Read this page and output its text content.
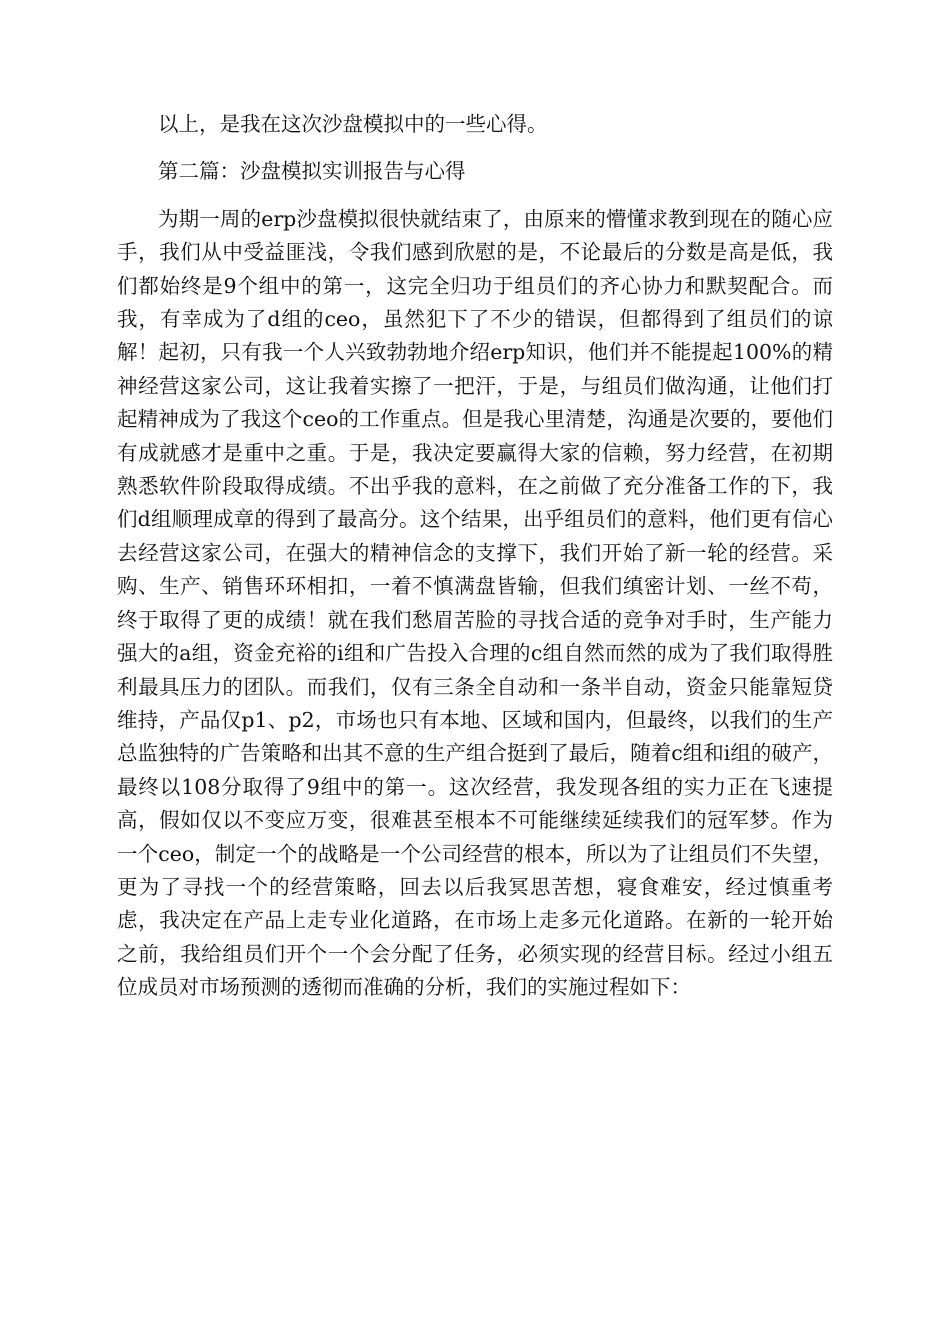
以上，是我在这次沙盘模拟中的一些心得。

第二篇：沙盘模拟实训报告与心得

为期一周的erp沙盘模拟很快就结束了，由原来的懵懂求教到现在的随心应手，我们从中受益匪浅，令我们感到欣慰的是，不论最后的分数是高是低，我们都始终是9个组中的第一，这完全归功于组员们的齐心协力和默契配合。而我，有幸成为了d组的ceo，虽然犯下了不少的错误，但都得到了组员们的谅解！起初，只有我一个人兴致勃勃地介绍erp知识，他们并不能提起100%的精神经营这家公司，这让我着实擦了一把汗，于是，与组员们做沟通，让他们打起精神成为了我这个ceo的工作重点。但是我心里清楚，沟通是次要的，要他们有成就感才是重中之重。于是，我决定要赢得大家的信赖，努力经营，在初期熟悉软件阶段取得成绩。不出乎我的意料，在之前做了充分准备工作的下，我们d组顺理成章的得到了最高分。这个结果，出乎组员们的意料，他们更有信心去经营这家公司，在强大的精神信念的支撑下，我们开始了新一轮的经营。采购、生产、销售环环相扣，一着不慎满盘皆输，但我们缜密计划、一丝不苟，终于取得了更的成绩！就在我们愁眉苦脸的寻找合适的竞争对手时，生产能力强大的a组，资金充裕的i组和广告投入合理的c组自然而然的成为了我们取得胜利最具压力的团队。而我们，仅有三条全自动和一条半自动，资金只能靠短贷维持，产品仅p1、p2，市场也只有本地、区域和国内，但最终，以我们的生产总监独特的广告策略和出其不意的生产组合挺到了最后，随着c组和i组的破产，最终以108分取得了9组中的第一。这次经营，我发现各组的实力正在飞速提高，假如仅以不变应万变，很难甚至根本不可能继续延续我们的冠军梦。作为一个ceo，制定一个的战略是一个公司经营的根本，所以为了让组员们不失望，更为了寻找一个的经营策略，回去以后我冥思苦想，寝食难安，经过慎重考虑，我决定在产品上走专业化道路，在市场上走多元化道路。在新的一轮开始之前，我给组员们开个一个会分配了任务，必须实现的经营目标。经过小组五位成员对市场预测的透彻而准确的分析，我们的实施过程如下：
